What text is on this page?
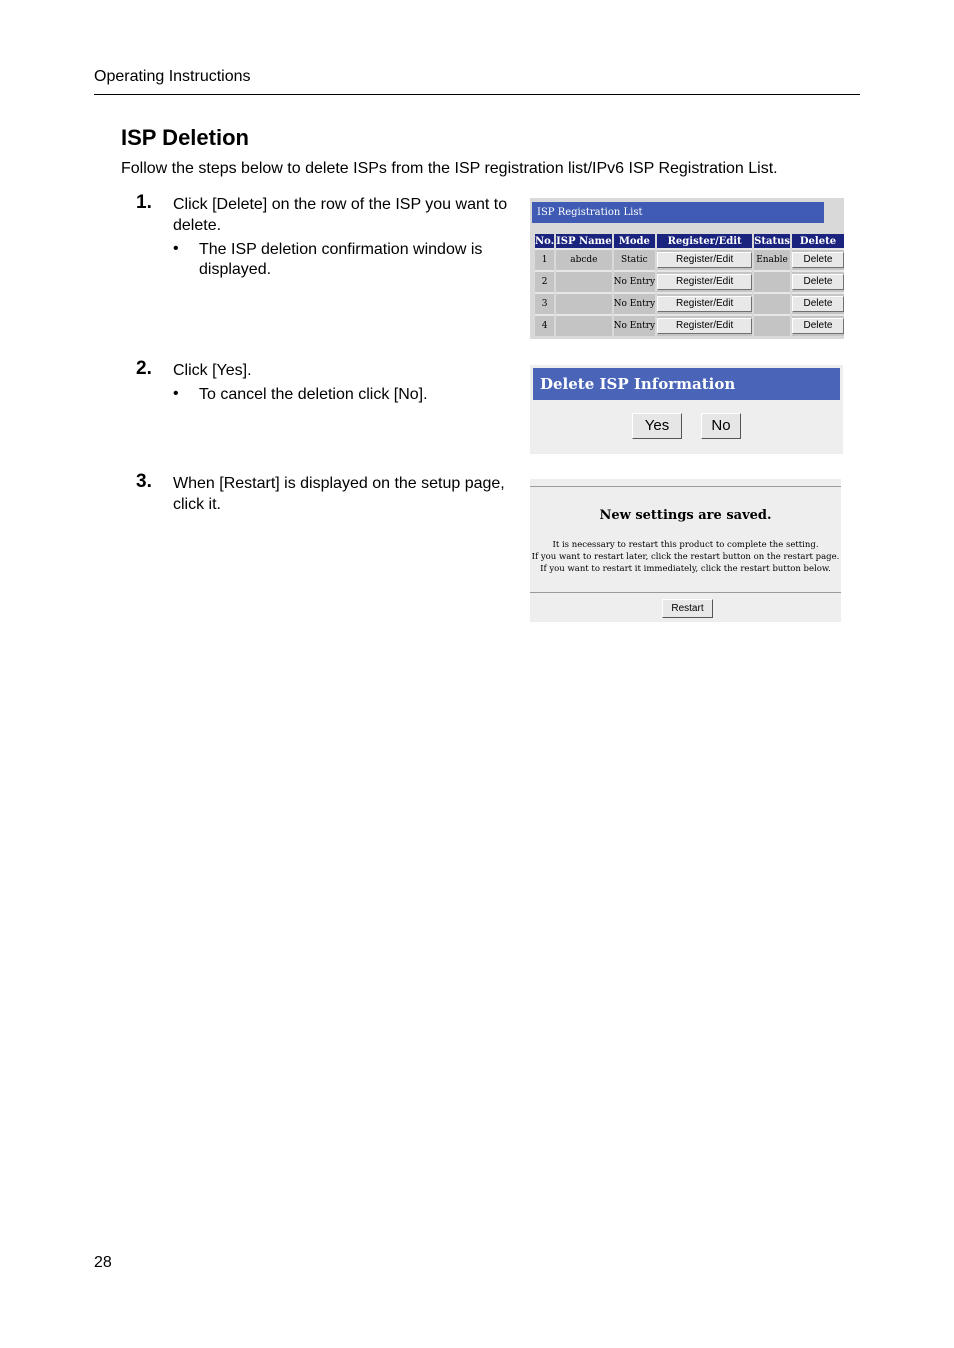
Operating Instructions
ISP Deletion
Follow the steps below to delete ISPs from the ISP registration list/IPv6 ISP Registration List.
1. Click [Delete] on the row of the ISP you want to
delete.
• The ISP deletion confirmation window is
displayed.
2. Click [Yes].
• To cancel the deletion click [No].
3. When [Restart] is displayed on the setup page,
click it.
ISP Registration List
No.	ISP Name	Mode	Register/Edit	Status	Delete
1	abcde	Static	Register/Edit	Enable	Delete
2		No Entry	Register/Edit		Delete
3		No Entry	Register/Edit		Delete
4		No Entry	Register/Edit		Delete
Delete ISP Information
Yes	No
New settings are saved.
It is necessary to restart this product to complete the setting.
If you want to restart later, click the restart button on the restart page.
If you want to restart it immediately, click the restart button below.
Restart
28
